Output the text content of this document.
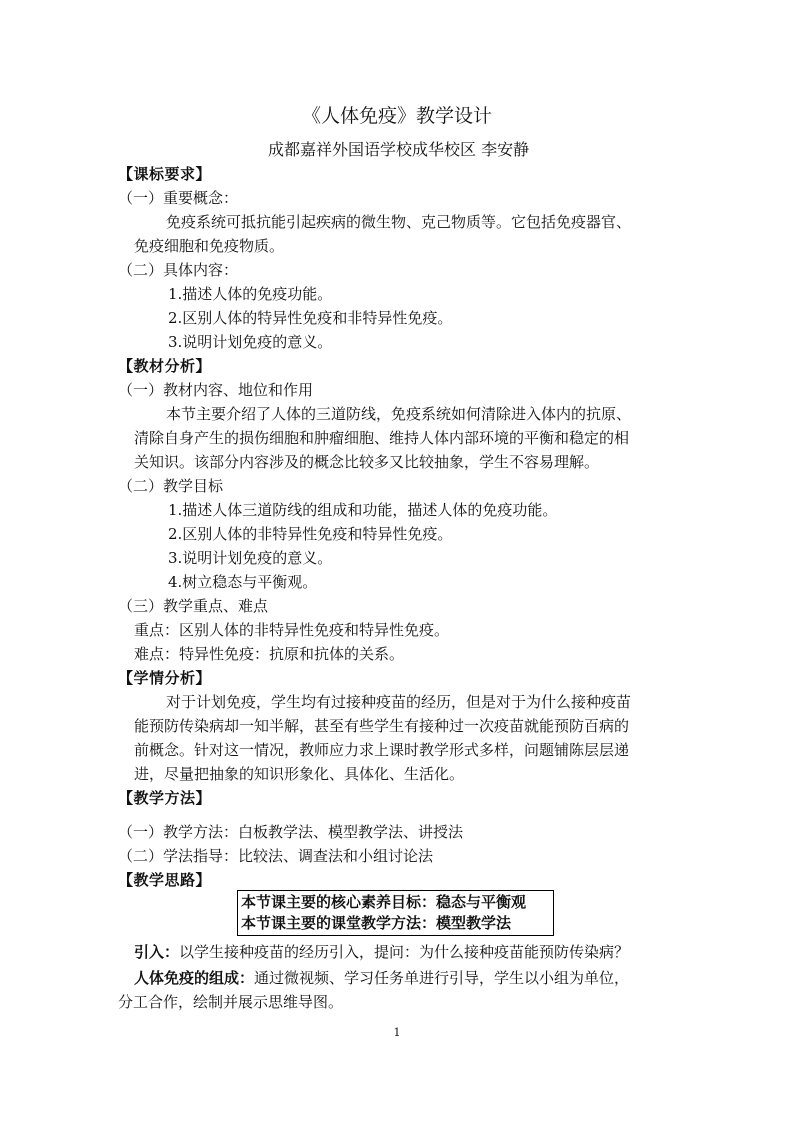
《人体免疫》教学设计
成都嘉祥外国语学校成华校区 李安静
【课标要求】
（一）重要概念：
免疫系统可抵抗能引起疾病的微生物、克己物质等。它包括免疫器官、
免疫细胞和免疫物质。
（二）具体内容：
1.描述人体的免疫功能。
2.区别人体的特异性免疫和非特异性免疫。
3.说明计划免疫的意义。
【教材分析】
（一）教材内容、地位和作用
本节主要介绍了人体的三道防线，免疫系统如何清除进入体内的抗原、
清除自身产生的损伤细胞和肿瘤细胞、维持人体内部环境的平衡和稳定的相
关知识。该部分内容涉及的概念比较多又比较抽象，学生不容易理解。
（二）教学目标
1.描述人体三道防线的组成和功能，描述人体的免疫功能。
2.区别人体的非特异性免疫和特异性免疫。
3.说明计划免疫的意义。
4.树立稳态与平衡观。
（三）教学重点、难点
重点：区别人体的非特异性免疫和特异性免疫。
难点：特异性免疫：抗原和抗体的关系。
【学情分析】
对于计划免疫，学生均有过接种疫苗的经历，但是对于为什么接种疫苗
能预防传染病却一知半解，甚至有些学生有接种过一次疫苗就能预防百病的
前概念。针对这一情况，教师应力求上课时教学形式多样，问题铺陈层层递
进，尽量把抽象的知识形象化、具体化、生活化。
【教学方法】
（一）教学方法：白板教学法、模型教学法、讲授法
（二）学法指导：比较法、调查法和小组讨论法
【教学思路】
本节课主要的核心素养目标：稳态与平衡观
本节课主要的课堂教学方法：模型教学法
引入：以学生接种疫苗的经历引入，提问：为什么接种疫苗能预防传染病？
人体免疫的组成：通过微视频、学习任务单进行引导，学生以小组为单位，
分工合作，绘制并展示思维导图。
1
